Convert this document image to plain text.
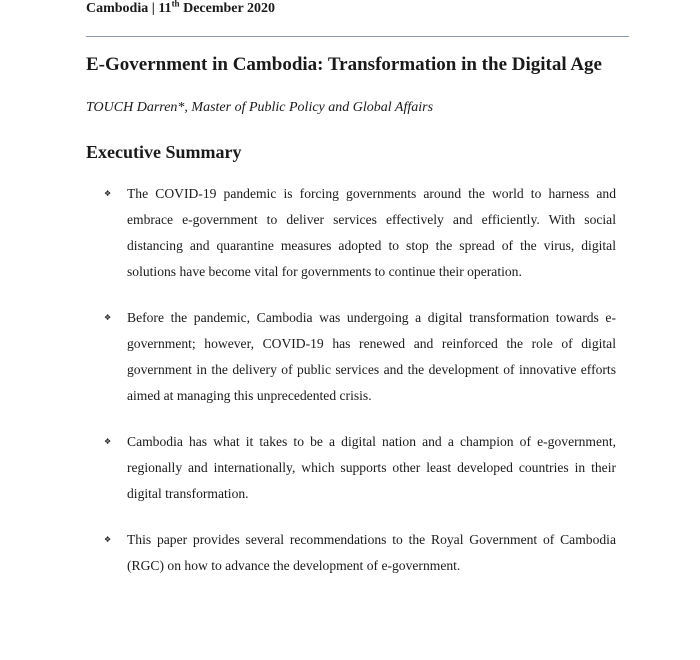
Cambodia | 11th December 2020
E-Government in Cambodia: Transformation in the Digital Age

TOUCH Darren*, Master of Public Policy and Global Affairs

Executive Summary
❖ The COVID-19 pandemic is forcing governments around the world to harness and embrace e-government to deliver services effectively and efficiently. With social distancing and quarantine measures adopted to stop the spread of the virus, digital solutions have become vital for governments to continue their operation.
❖ Before the pandemic, Cambodia was undergoing a digital transformation towards e-government; however, COVID-19 has renewed and reinforced the role of digital government in the delivery of public services and the development of innovative efforts aimed at managing this unprecedented crisis.
❖ Cambodia has what it takes to be a digital nation and a champion of e-government, regionally and internationally, which supports other least developed countries in their digital transformation.
❖ This paper provides several recommendations to the Royal Government of Cambodia (RGC) on how to advance the development of e-government.
